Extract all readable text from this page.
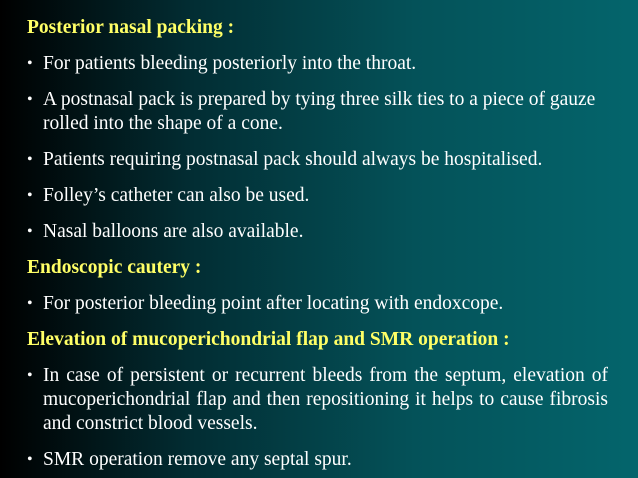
Posterior nasal packing :
• For patients bleeding posteriorly into the throat.
• A postnasal pack is prepared by tying three silk ties to a piece of gauze rolled into the shape of a cone.
• Patients requiring postnasal pack should always be hospitalised.
• Folley’s catheter can also be used.
• Nasal balloons are also available.
Endoscopic cautery :
• For posterior bleeding point after locating with endoxcope.
Elevation of mucoperichondrial flap and SMR operation :
• In case of persistent or recurrent bleeds from the septum, elevation of mucoperichondrial flap and then repositioning it helps to cause fibrosis and constrict blood vessels.
• SMR operation remove any septal spur.
